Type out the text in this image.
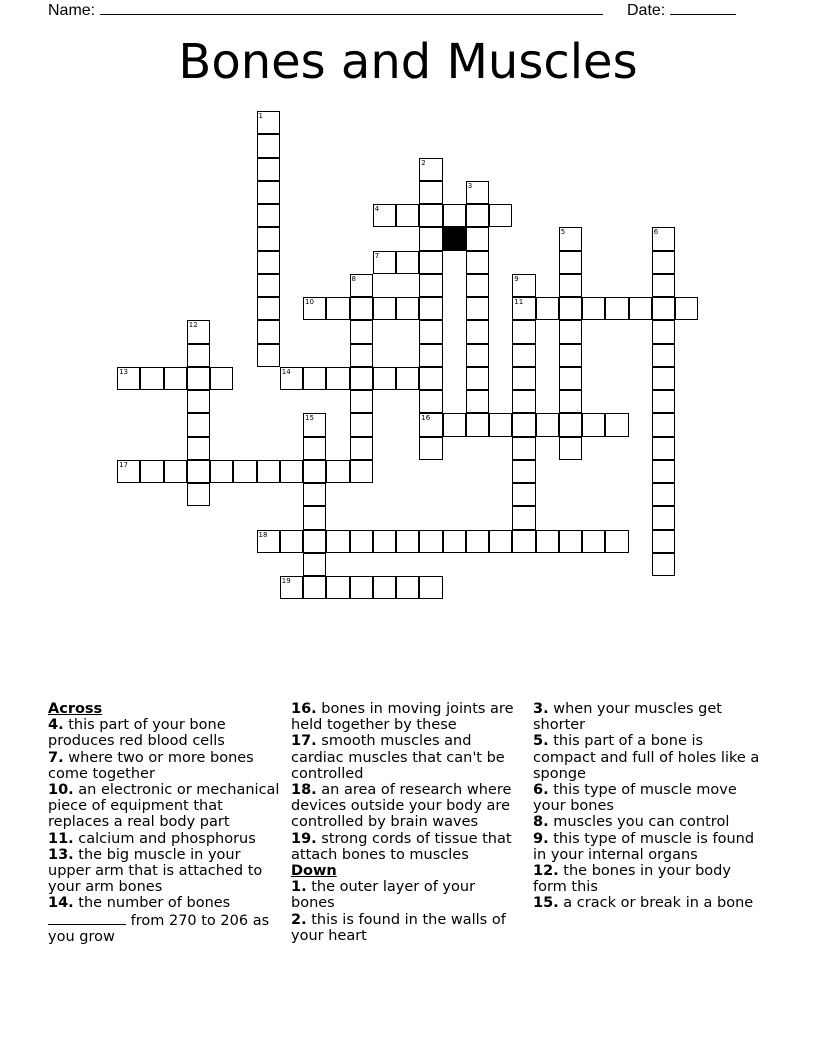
Name:	Date:
Bones and Muscles
1
2
16
3
4
5	6
7
8	9
11
10
12
13	14
15
17
18
19
Across
4. this part of your bone produces red blood cells
7. where two or more bones come together
10. an electronic or mechanical piece of equipment that replaces a real body part
11. calcium and phosphorus
13. the big muscle in your upper arm that is attached to your arm bones
14. the number of bones  from 270 to 206 as you grow
16. bones in moving joints are held together by these
17. smooth muscles and cardiac muscles that can't be controlled
18. an area of research where devices outside your body are controlled by brain waves
19. strong cords of tissue that attach bones to muscles
Down
1. the outer layer of your bones
2. this is found in the walls of your heart
3. when your muscles get shorter
5. this part of a bone is compact and full of holes like a sponge
6. this type of muscle move your bones
8. muscles you can control
9. this type of muscle is found in your internal organs
12. the bones in your body form this
15. a crack or break in a bone
